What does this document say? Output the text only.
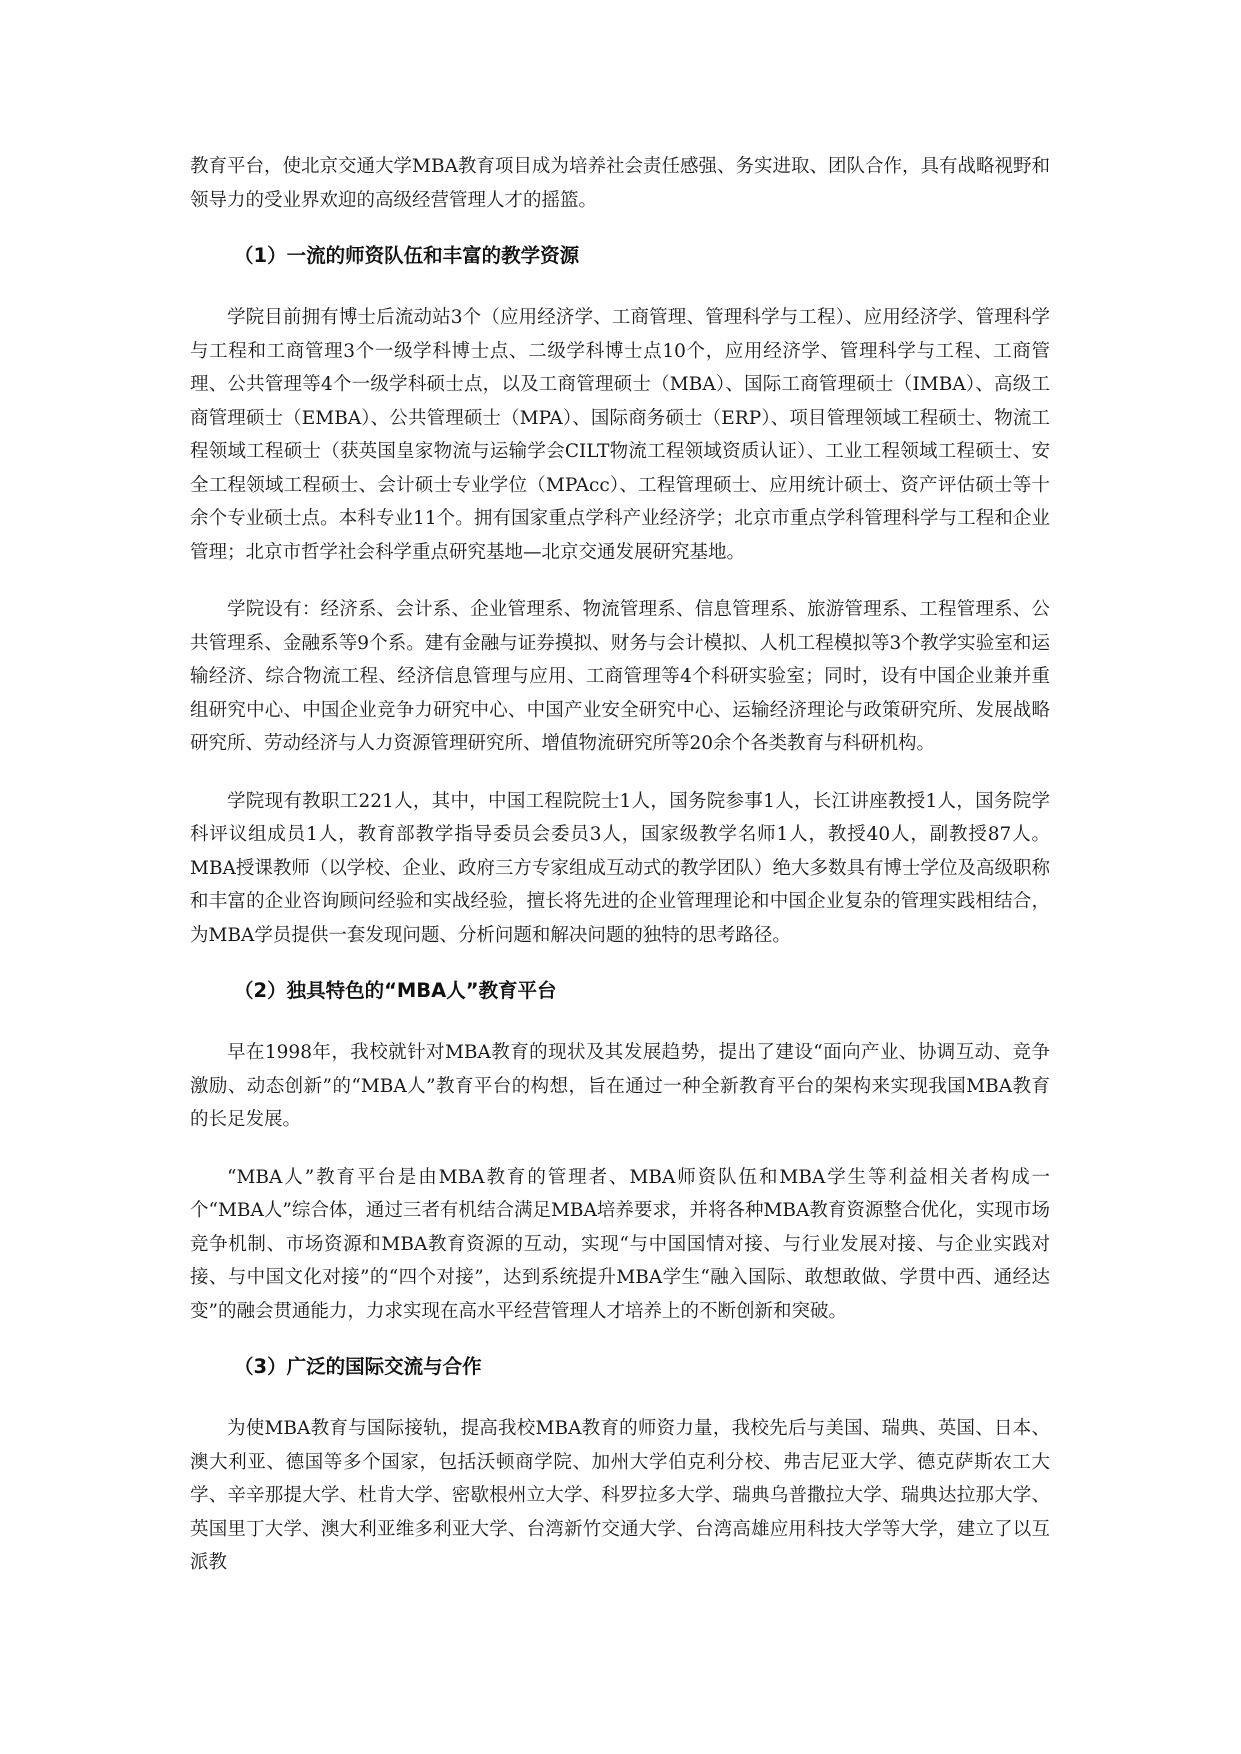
教育平台，使北京交通大学MBA教育项目成为培养社会责任感强、务实进取、团队合作，具有战略视野和领导力的受业界欢迎的高级经营管理人才的摇篮。

（1）一流的师资队伍和丰富的教学资源

学院目前拥有博士后流动站3个（应用经济学、工商管理、管理科学与工程）、应用经济学、管理科学与工程和工商管理3个一级学科博士点、二级学科博士点10个，应用经济学、管理科学与工程、工商管理、公共管理等4个一级学科硕士点，以及工商管理硕士（MBA）、国际工商管理硕士（IMBA）、高级工商管理硕士（EMBA）、公共管理硕士（MPA）、国际商务硕士（ERP）、项目管理领域工程硕士、物流工程领域工程硕士（获英国皇家物流与运输学会CILT物流工程领域资质认证）、工业工程领域工程硕士、安全工程领域工程硕士、会计硕士专业学位（MPAcc）、工程管理硕士、应用统计硕士、资产评估硕士等十余个专业硕士点。本科专业11个。拥有国家重点学科产业经济学；北京市重点学科管理科学与工程和企业管理；北京市哲学社会科学重点研究基地—北京交通发展研究基地。

学院设有：经济系、会计系、企业管理系、物流管理系、信息管理系、旅游管理系、工程管理系、公共管理系、金融系等9个系。建有金融与证券摸拟、财务与会计模拟、人机工程模拟等3个教学实验室和运输经济、综合物流工程、经济信息管理与应用、工商管理等4个科研实验室；同时，设有中国企业兼并重组研究中心、中国企业竞争力研究中心、中国产业安全研究中心、运输经济理论与政策研究所、发展战略研究所、劳动经济与人力资源管理研究所、增值物流研究所等20余个各类教育与科研机构。

学院现有教职工221人，其中，中国工程院院士1人，国务院参事1人，长江讲座教授1人，国务院学科评议组成员1人，教育部教学指导委员会委员3人，国家级教学名师1人，教授40人，副教授87人。MBA授课教师（以学校、企业、政府三方专家组成互动式的教学团队）绝大多数具有博士学位及高级职称和丰富的企业咨询顾问经验和实战经验，擅长将先进的企业管理理论和中国企业复杂的管理实践相结合，为MBA学员提供一套发现问题、分析问题和解决问题的独特的思考路径。

（2）独具特色的“MBA人”教育平台

早在1998年，我校就针对MBA教育的现状及其发展趋势，提出了建设“面向产业、协调互动、竞争激励、动态创新”的“MBA人”教育平台的构想，旨在通过一种全新教育平台的架构来实现我国MBA教育的长足发展。

“MBA人”教育平台是由MBA教育的管理者、MBA师资队伍和MBA学生等利益相关者构成一个“MBA人”综合体，通过三者有机结合满足MBA培养要求，并将各种MBA教育资源整合优化，实现市场竞争机制、市场资源和MBA教育资源的互动，实现“与中国国情对接、与行业发展对接、与企业实践对接、与中国文化对接”的“四个对接”，达到系统提升MBA学生“融入国际、敢想敢做、学贯中西、通经达变”的融会贯通能力，力求实现在高水平经营管理人才培养上的不断创新和突破。

（3）广泛的国际交流与合作

为使MBA教育与国际接轨，提高我校MBA教育的师资力量，我校先后与美国、瑞典、英国、日本、澳大利亚、德国等多个国家，包括沃顿商学院、加州大学伯克利分校、弗吉尼亚大学、德克萨斯农工大学、辛辛那提大学、杜肯大学、密歇根州立大学、科罗拉多大学、瑞典乌普撒拉大学、瑞典达拉那大学、英国里丁大学、澳大利亚维多利亚大学、台湾新竹交通大学、台湾高雄应用科技大学等大学，建立了以互派教
